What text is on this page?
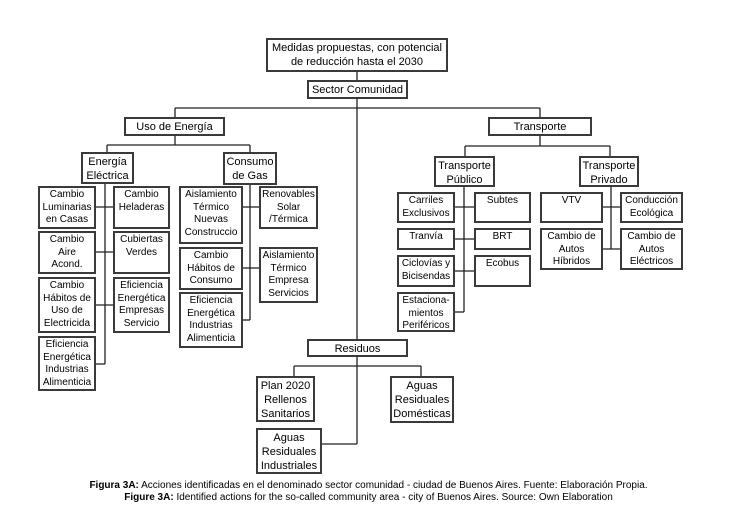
Medidas propuestas, con potencial
de reducción hasta el 2030
Sector Comunidad
Uso de Energía	Transporte
Energía
Eléctrica
Consumo
de Gas
Transporte
Público
Transporte
Privado
Cambio
Luminarias
en Casas
Cambio
Heladeras
Cambio
Aire
Acond.
Cubiertas
Verdes
Cambio
Hábitos de
Uso de
Electricida
Eficiencia
Energética
Empresas
Servicio
Eficiencia
Energética
Industrias
Alimenticia
Aislamiento
Térmico
Nuevas
Construccio
Renovables
Solar
/Térmica
Cambio
Hábitos de
Consumo
Aislamiento
Térmico
Empresa
Servicios
Eficiencia
Energética
Industrias
Alimenticia
Carriles
Exclusivos
Subtes
Tranvía	BRT
Ciclovías y
Bicisendas
Ecobus
Estaciona-
mientos
Periféricos
VTV	Conducción
Ecológica
Cambio de
Autos
Híbridos
Cambio de
Autos
Eléctricos
Residuos
Plan 2020
Rellenos
Sanitarios
Aguas
Residuales
Domésticas
Aguas
Residuales
Industriales
Figura 3A: Acciones identificadas en el denominado sector comunidad - ciudad de Buenos Aires. Fuente: Elaboración Propia.
Figure 3A: Identified actions for the so-called community area - city of Buenos Aires. Source: Own Elaboration
